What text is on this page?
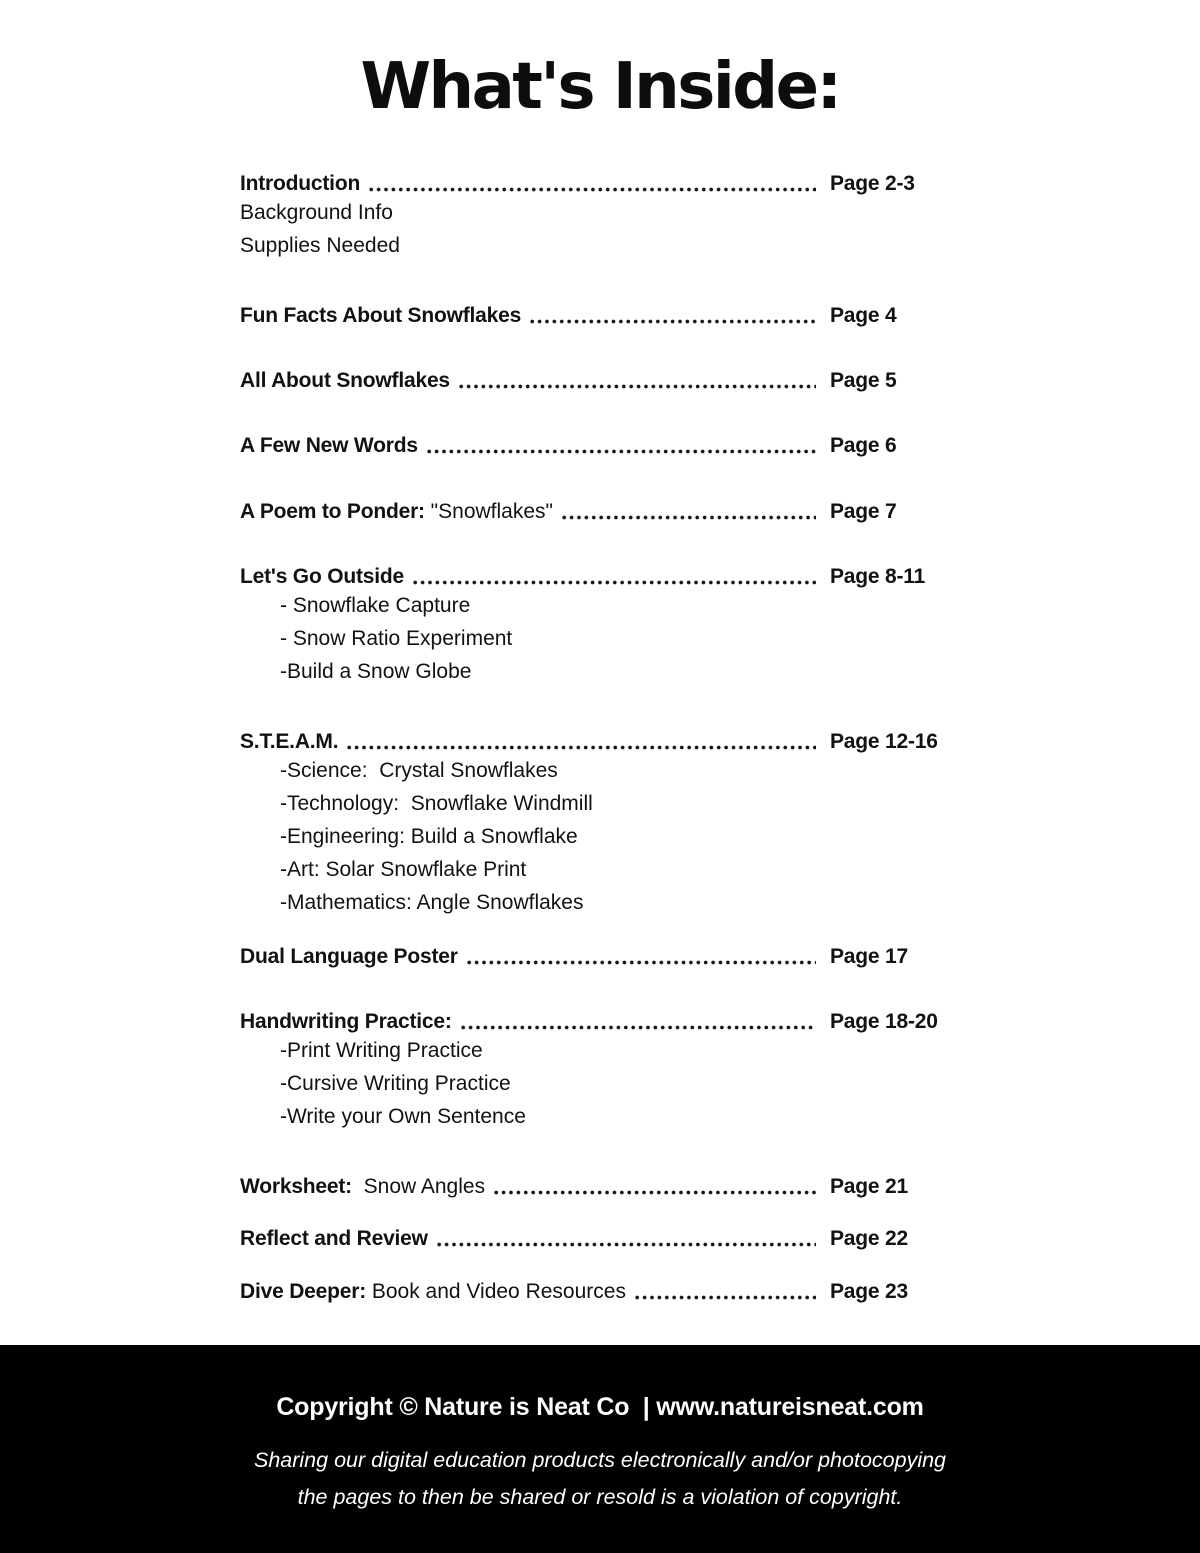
What's Inside:
Introduction	Page 2-3
Background Info
Supplies Needed
Fun Facts About Snowflakes	Page 4
All About Snowflakes	Page 5
A Few New Words	Page 6
A Poem to Ponder: "Snowflakes"	Page 7
Let's Go Outside	Page 8-11
- Snowflake Capture
- Snow Ratio Experiment
-Build a Snow Globe
S.T.E.A.M.	Page 12-16
-Science:  Crystal Snowflakes
-Technology:  Snowflake Windmill
-Engineering: Build a Snowflake
-Art: Solar Snowflake Print
-Mathematics: Angle Snowflakes
Dual Language Poster	Page 17
Handwriting Practice:	Page 18-20
-Print Writing Practice
-Cursive Writing Practice
-Write your Own Sentence
Worksheet:  Snow Angles	Page 21
Reflect and Review	Page 22
Dive Deeper: Book and Video Resources	Page 23
Copyright © Nature is Neat Co  | www.natureisneat.com
Sharing our digital education products electronically and/or photocopying
the pages to then be shared or resold is a violation of copyright.
